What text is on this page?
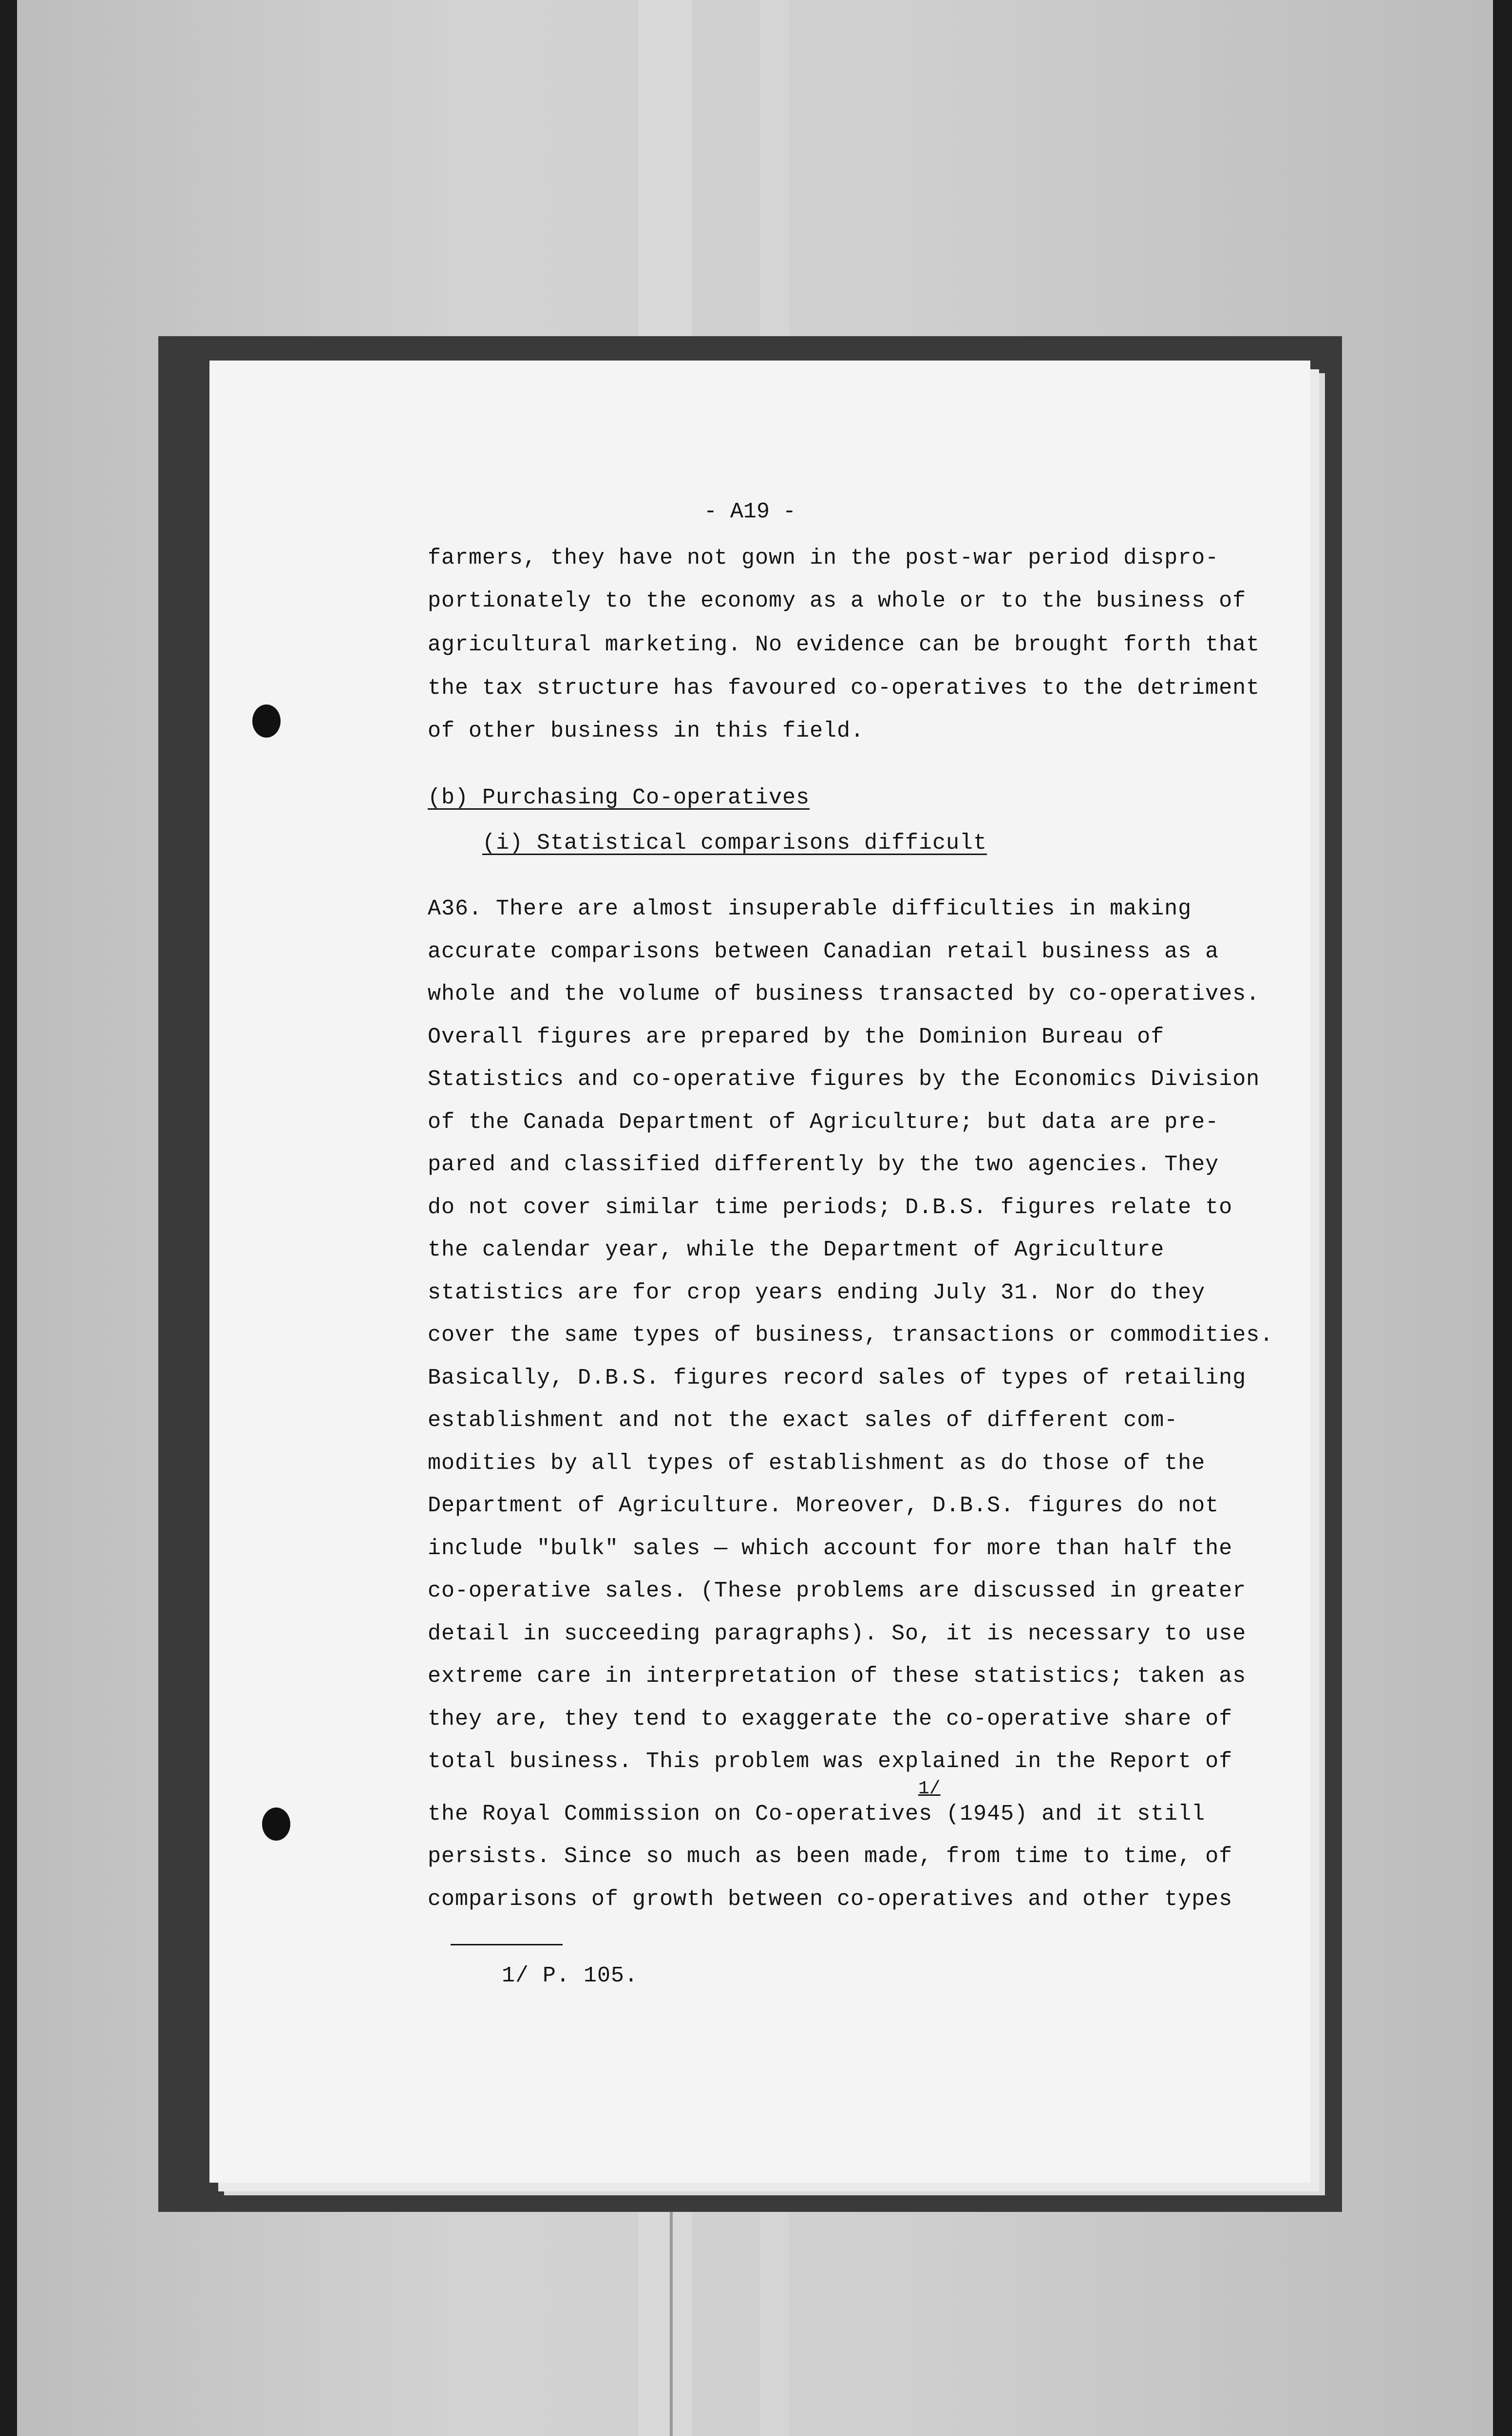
- A19 -
farmers, they have not gown in the post-war period dispro-
portionately to the economy as a whole or to the business of
agricultural marketing. No evidence can be brought forth that
the tax structure has favoured co-operatives to the detriment
of other business in this field.
(b) Purchasing Co-operatives
(i) Statistical comparisons difficult
A36. There are almost insuperable difficulties in making
accurate comparisons between Canadian retail business as a
whole and the volume of business transacted by co-operatives.
Overall figures are prepared by the Dominion Bureau of
Statistics and co-operative figures by the Economics Division
of the Canada Department of Agriculture; but data are pre-
pared and classified differently by the two agencies. They
do not cover similar time periods; D.B.S. figures relate to
the calendar year, while the Department of Agriculture
statistics are for crop years ending July 31. Nor do they
cover the same types of business, transactions or commodities.
Basically, D.B.S. figures record sales of types of retailing
establishment and not the exact sales of different com-
modities by all types of establishment as do those of the
Department of Agriculture. Moreover, D.B.S. figures do not
include "bulk" sales — which account for more than half the
co-operative sales. (These problems are discussed in greater
detail in succeeding paragraphs). So, it is necessary to use
extreme care in interpretation of these statistics; taken as
they are, they tend to exaggerate the co-operative share of
total business. This problem was explained in the Report of
the Royal Commission on Co-operatives (1945) and it still
persists. Since so much as been made, from time to time, of
comparisons of growth between co-operatives and other types
1/
1/ P. 105.
